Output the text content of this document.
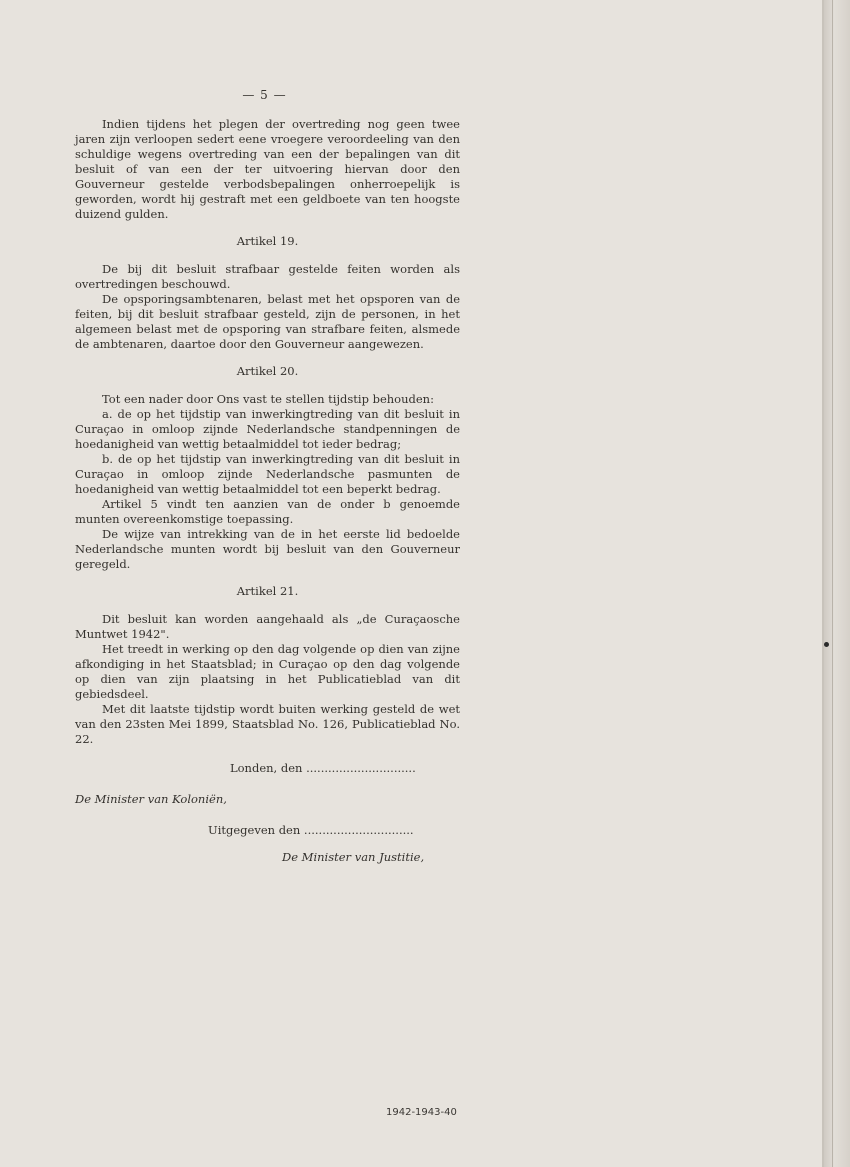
— 5 —

Indien tijdens het plegen der overtreding nog geen twee jaren zijn verloopen sedert eene vroegere veroordeeling van den schuldige wegens overtreding van een der bepalingen van dit besluit of van een der ter uitvoering hiervan door den Gouverneur gestelde verbodsbepalingen onherroepelijk is geworden, wordt hij gestraft met een geldboete van ten hoogste duizend gulden.

Artikel 19.

De bij dit besluit strafbaar gestelde feiten worden als overtredingen beschouwd.

De opsporingsambtenaren, belast met het opsporen van de feiten, bij dit besluit strafbaar gesteld, zijn de personen, in het algemeen belast met de opsporing van strafbare feiten, alsmede de ambtenaren, daartoe door den Gouverneur aangewezen.

Artikel 20.

Tot een nader door Ons vast te stellen tijdstip behouden:

a. de op het tijdstip van inwerkingtreding van dit besluit in Curaçao in omloop zijnde Nederlandsche standpenningen de hoedanigheid van wettig betaalmiddel tot ieder bedrag;

b. de op het tijdstip van inwerkingtreding van dit besluit in Curaçao in omloop zijnde Nederlandsche pasmunten de hoedanigheid van wettig betaalmiddel tot een beperkt bedrag.

Artikel 5 vindt ten aanzien van de onder b genoemde munten overeenkomstige toepassing.

De wijze van intrekking van de in het eerste lid bedoelde Nederlandsche munten wordt bij besluit van den Gouverneur geregeld.

Artikel 21.

Dit besluit kan worden aangehaald als „de Curaçaosche Muntwet 1942".

Het treedt in werking op den dag volgende op dien van zijne afkondiging in het Staatsblad; in Curaçao op den dag volgende op dien van zijn plaatsing in het Publicatieblad van dit gebiedsdeel.

Met dit laatste tijdstip wordt buiten werking gesteld de wet van den 23sten Mei 1899, Staatsblad No. 126, Publicatieblad No. 22.

Londen, den ..............................
De Minister van Koloniën,
Uitgegeven den ..............................
De Minister van Justitie,
1942-1943-40
